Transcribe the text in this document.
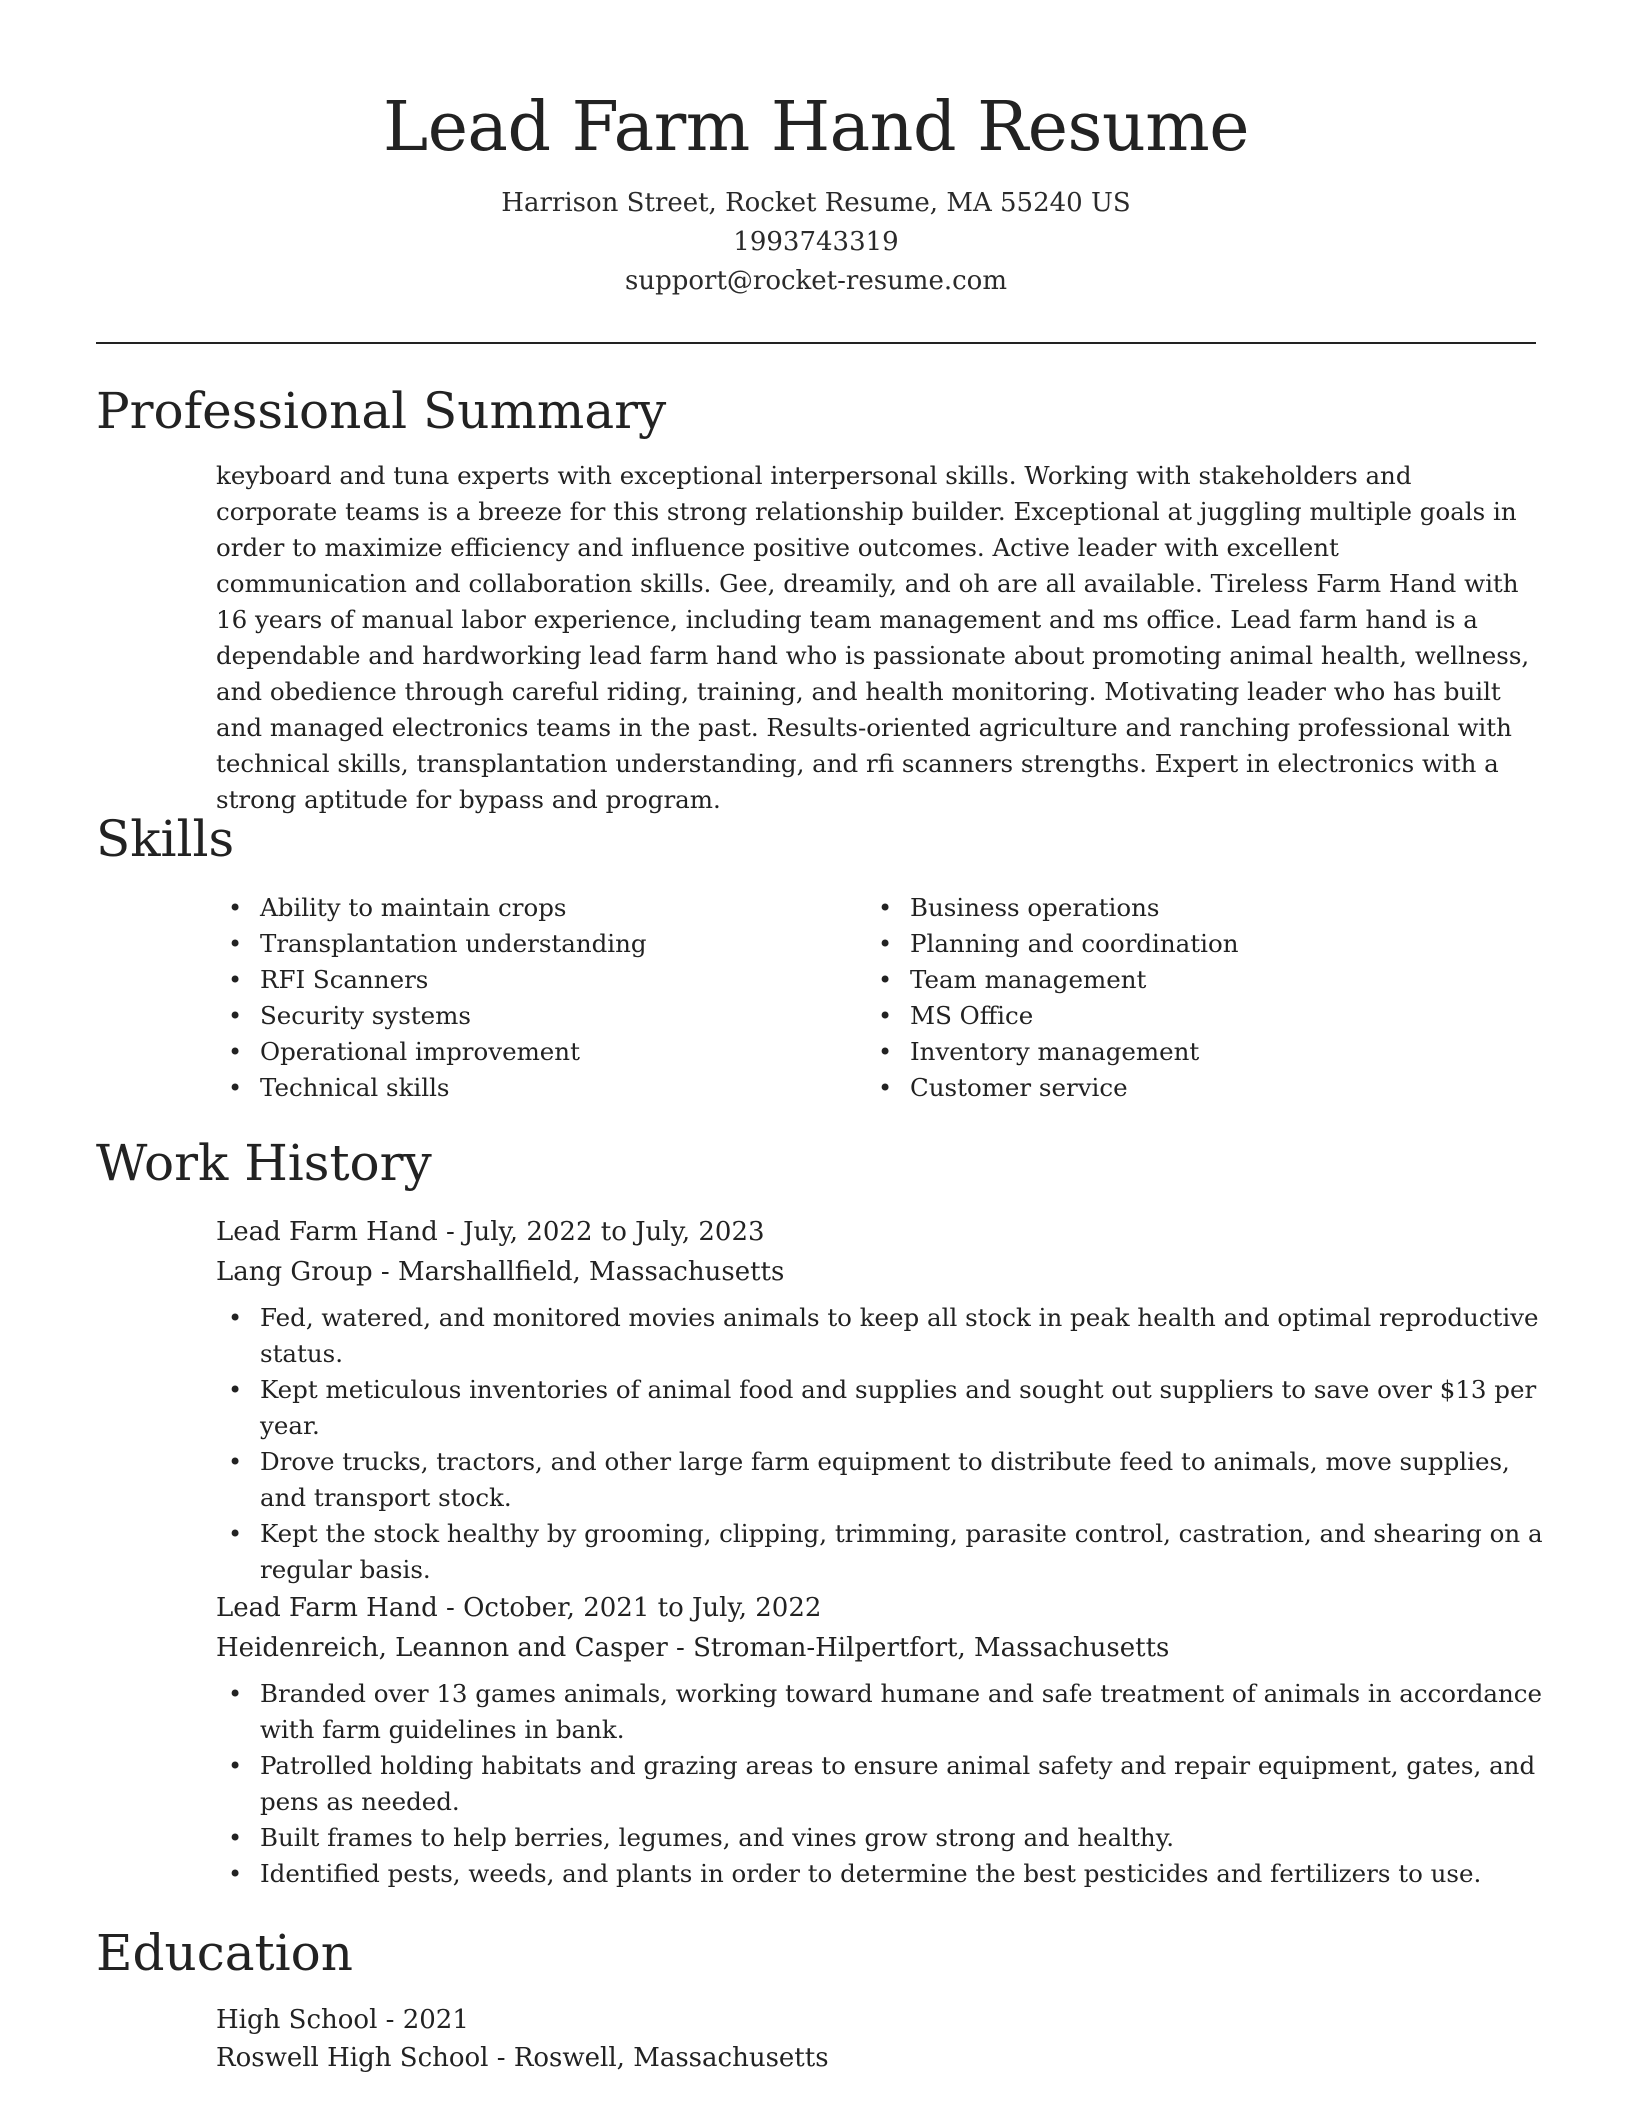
Lead Farm Hand Resume
Harrison Street, Rocket Resume, MA 55240 US
1993743319
support@rocket-resume.com
Professional Summary
keyboard and tuna experts with exceptional interpersonal skills. Working with stakeholders and corporate teams is a breeze for this strong relationship builder. Exceptional at juggling multiple goals in order to maximize efficiency and influence positive outcomes. Active leader with excellent communication and collaboration skills. Gee, dreamily, and oh are all available. Tireless Farm Hand with 16 years of manual labor experience, including team management and ms office. Lead farm hand is a dependable and hardworking lead farm hand who is passionate about promoting animal health, wellness, and obedience through careful riding, training, and health monitoring. Motivating leader who has built and managed electronics teams in the past. Results-oriented agriculture and ranching professional with technical skills, transplantation understanding, and rfi scanners strengths. Expert in electronics with a strong aptitude for bypass and program.
Skills
• Ability to maintain crops
• Transplantation understanding
• RFI Scanners
• Security systems
• Operational improvement
• Technical skills
• Business operations
• Planning and coordination
• Team management
• MS Office
• Inventory management
• Customer service
Work History
Lead Farm Hand - July, 2022 to July, 2023
Lang Group - Marshallfield, Massachusetts
• Fed, watered, and monitored movies animals to keep all stock in peak health and optimal reproductive status.
• Kept meticulous inventories of animal food and supplies and sought out suppliers to save over $13 per year.
• Drove trucks, tractors, and other large farm equipment to distribute feed to animals, move supplies, and transport stock.
• Kept the stock healthy by grooming, clipping, trimming, parasite control, castration, and shearing on a regular basis.
Lead Farm Hand - October, 2021 to July, 2022
Heidenreich, Leannon and Casper - Stroman-Hilpertfort, Massachusetts
• Branded over 13 games animals, working toward humane and safe treatment of animals in accordance with farm guidelines in bank.
• Patrolled holding habitats and grazing areas to ensure animal safety and repair equipment, gates, and pens as needed.
• Built frames to help berries, legumes, and vines grow strong and healthy.
• Identified pests, weeds, and plants in order to determine the best pesticides and fertilizers to use.
Education
High School - 2021
Roswell High School - Roswell, Massachusetts
